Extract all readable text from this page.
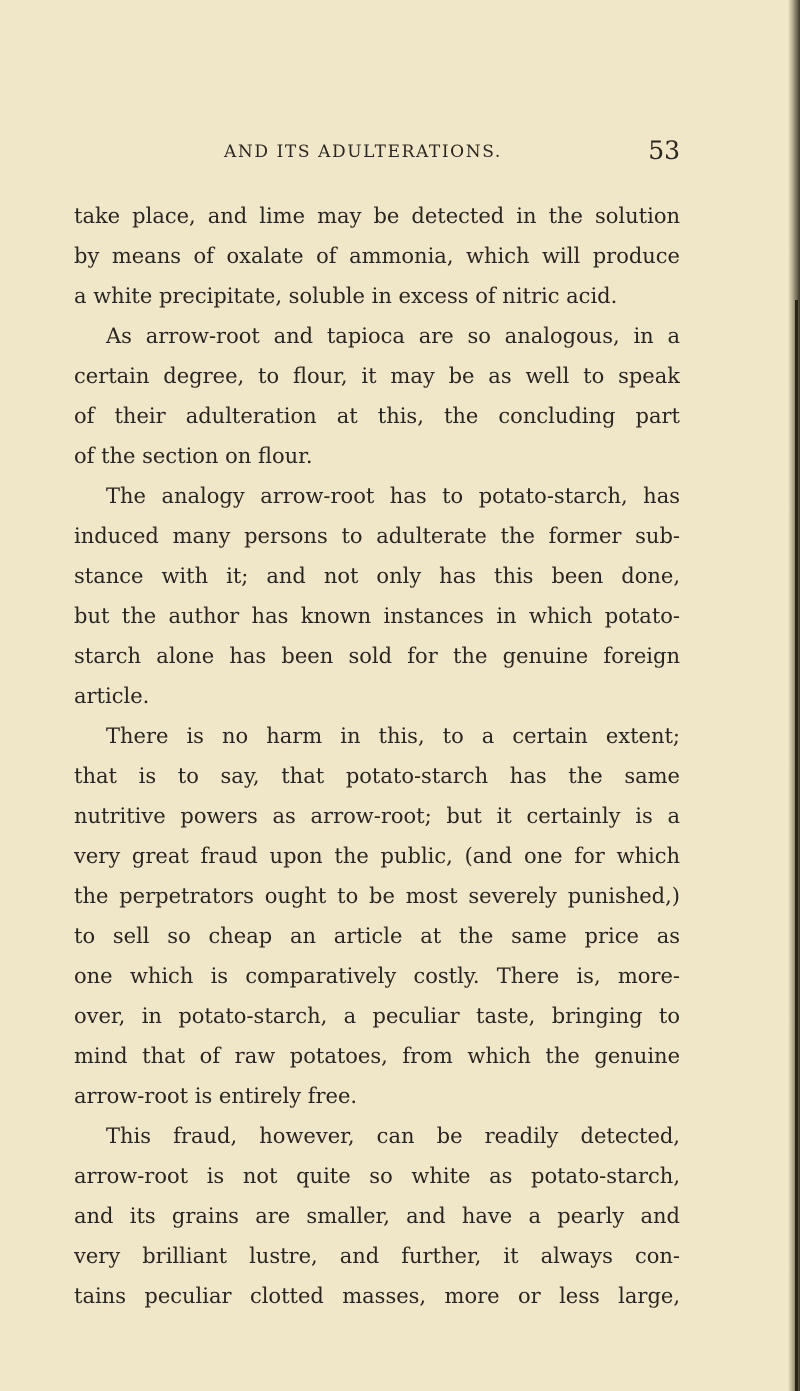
AND ITS ADULTERATIONS.	53
take place, and lime may be detected in the solution
by means of oxalate of ammonia, which will produce
a white precipitate, soluble in excess of nitric acid.
As arrow-root and tapioca are so analogous, in a
certain degree, to flour, it may be as well to speak
of their adulteration at this, the concluding part
of the section on flour.
The analogy arrow-root has to potato-starch, has
induced many persons to adulterate the former sub-
stance with it; and not only has this been done,
but the author has known instances in which potato-
starch alone has been sold for the genuine foreign
article.
There is no harm in this, to a certain extent;
that is to say, that potato-starch has the same
nutritive powers as arrow-root; but it certainly is a
very great fraud upon the public, (and one for which
the perpetrators ought to be most severely punished,)
to sell so cheap an article at the same price as
one which is comparatively costly. There is, more-
over, in potato-starch, a peculiar taste, bringing to
mind that of raw potatoes, from which the genuine
arrow-root is entirely free.
This fraud, however, can be readily detected,
arrow-root is not quite so white as potato-starch,
and its grains are smaller, and have a pearly and
very brilliant lustre, and further, it always con-
tains peculiar clotted masses, more or less large,
